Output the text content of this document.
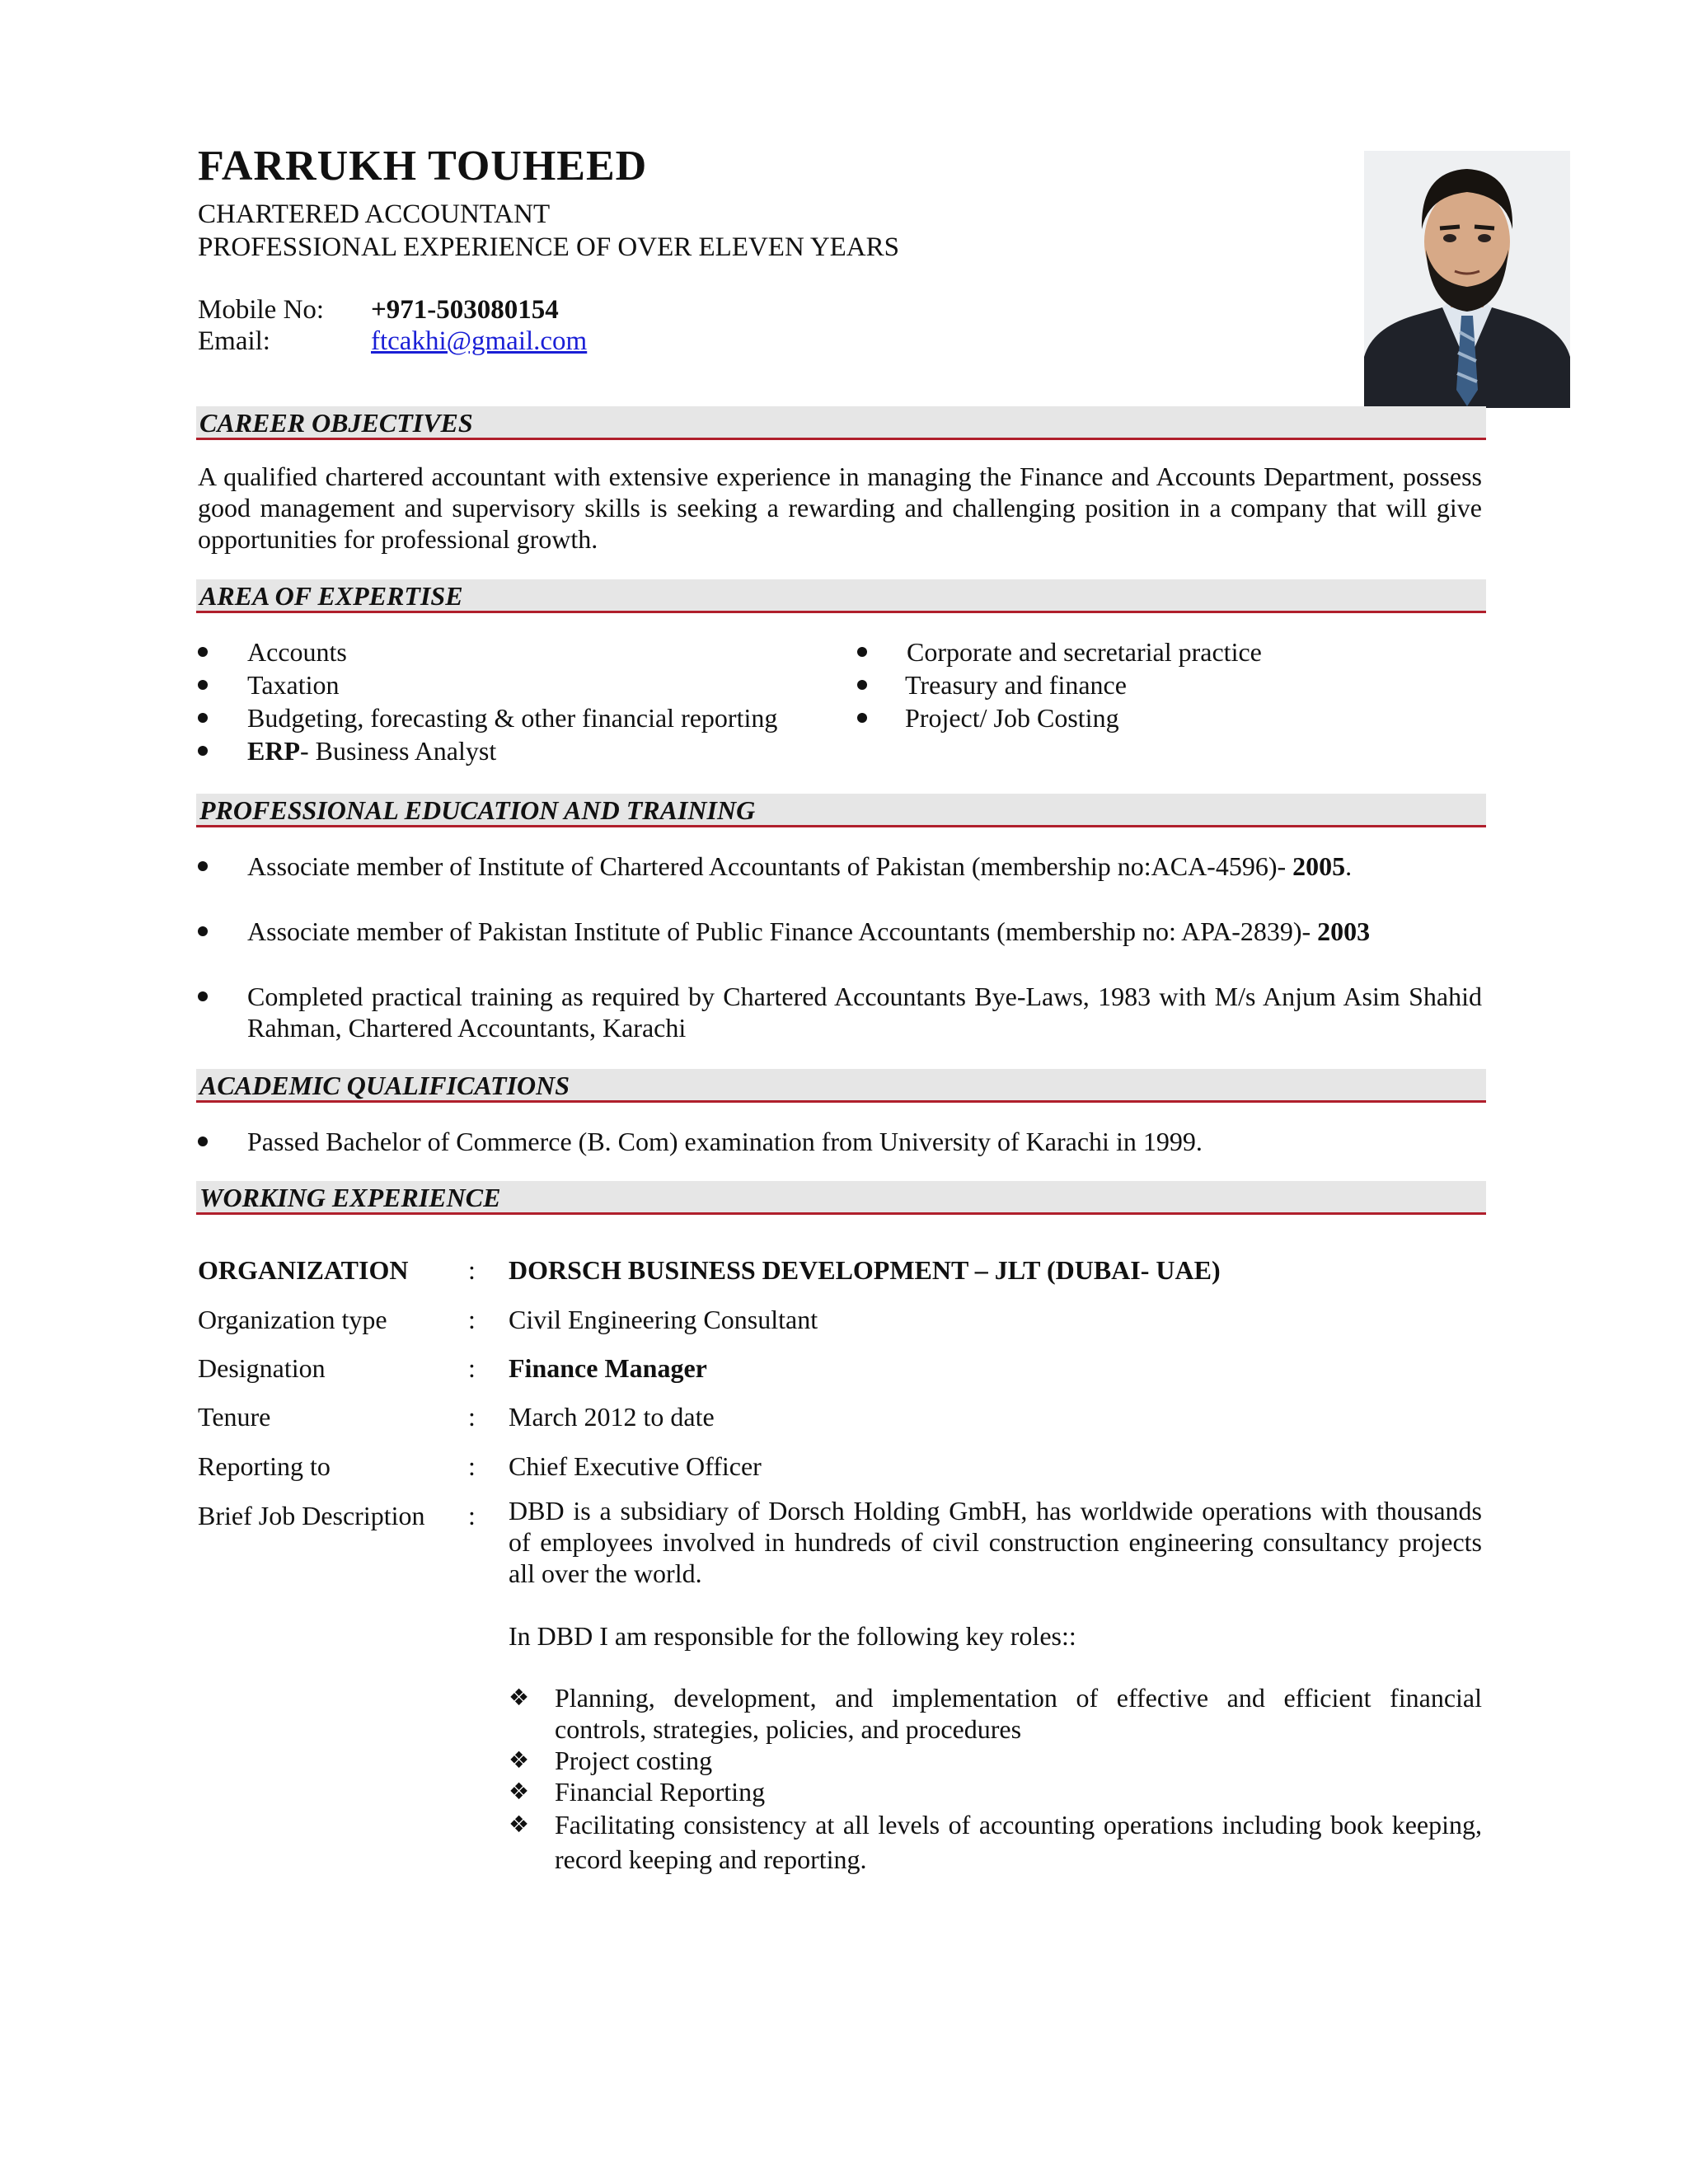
FARRUKH TOUHEED
CHARTERED ACCOUNTANT
PROFESSIONAL EXPERIENCE OF OVER ELEVEN YEARS
Mobile No:	+971-503080154
Email:	ftcakhi@gmail.com
CAREER OBJECTIVES
A qualified chartered accountant with extensive experience in managing the Finance and Accounts Department, possess good management and supervisory skills is seeking a rewarding and challenging position in a company that will give opportunities for professional growth.
AREA OF EXPERTISE
Accounts
Taxation
Budgeting, forecasting & other financial reporting
ERP- Business Analyst
Corporate and secretarial practice
Treasury and finance
Project/ Job Costing
PROFESSIONAL EDUCATION AND TRAINING
Associate member of Institute of Chartered Accountants of Pakistan (membership no:ACA-4596)- 2005.
Associate member of Pakistan Institute of Public Finance Accountants (membership no: APA-2839)- 2003
Completed practical training as required by Chartered Accountants Bye-Laws, 1983 with M/s Anjum Asim Shahid Rahman, Chartered Accountants, Karachi
ACADEMIC QUALIFICATIONS
Passed Bachelor of Commerce (B. Com) examination from University of Karachi in 1999.
WORKING EXPERIENCE
ORGANIZATION : DORSCH BUSINESS DEVELOPMENT – JLT (DUBAI- UAE)
Organization type	: Civil Engineering Consultant
Designation	: Finance Manager
Tenure	: March 2012 to date
Reporting to	: Chief Executive Officer
Brief Job Description : DBD is a subsidiary of Dorsch Holding GmbH, has worldwide operations with thousands of employees involved in hundreds of civil construction engineering consultancy projects all over the world.
In DBD I am responsible for the following key roles::
❖ Planning, development, and implementation of effective and efficient financial controls, strategies, policies, and procedures
❖ Project costing
❖ Financial Reporting
❖ Facilitating consistency at all levels of accounting operations including book keeping, record keeping and reporting.
